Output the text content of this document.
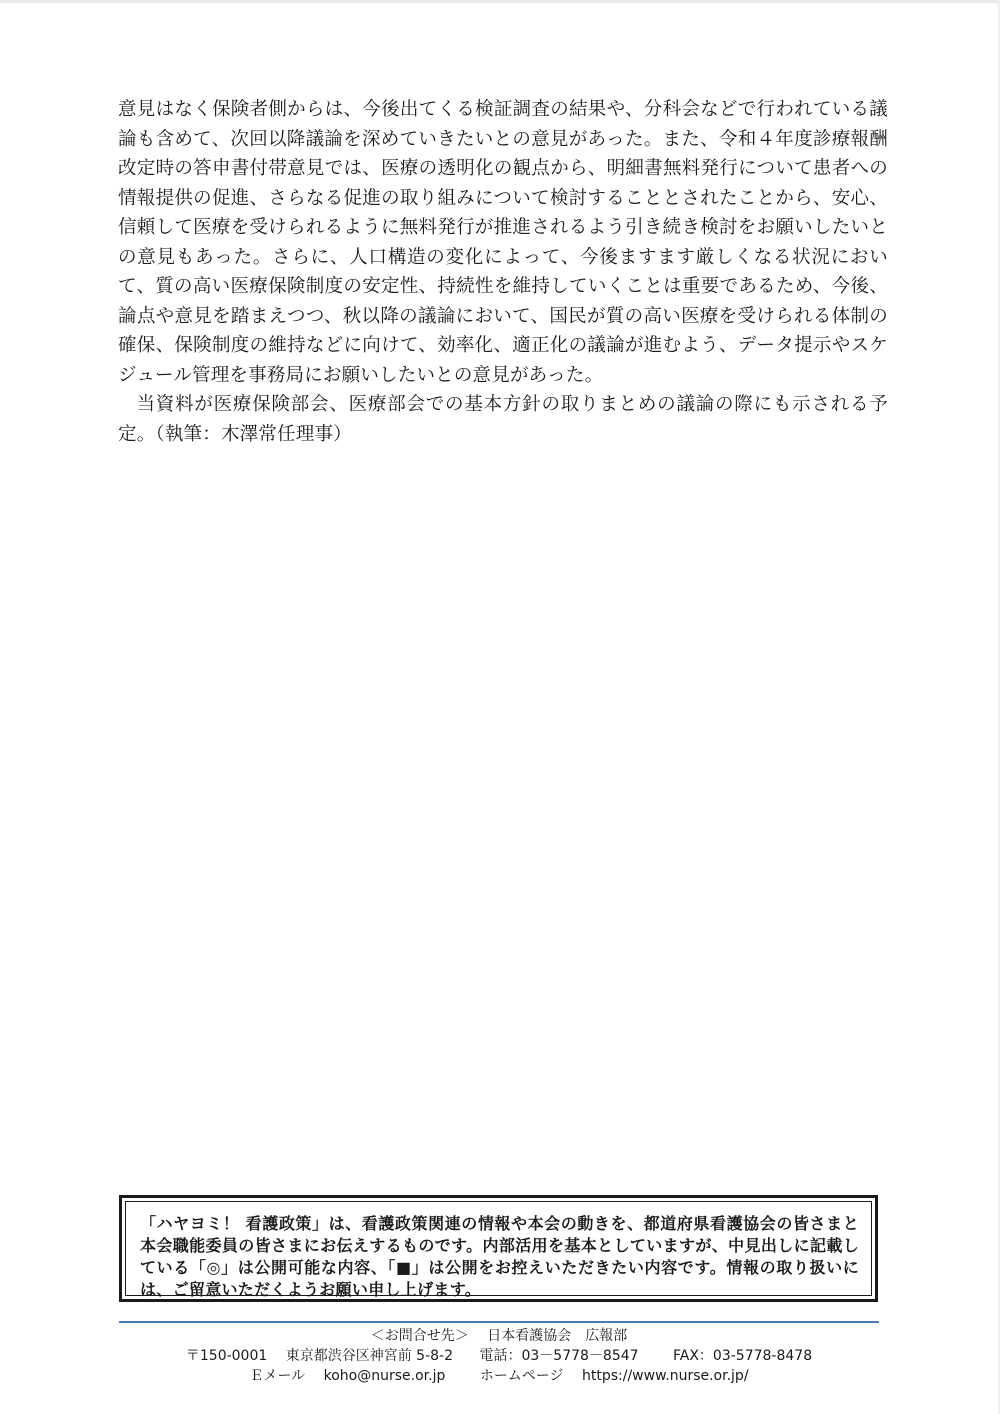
意見はなく保険者側からは、今後出てくる検証調査の結果や、分科会などで行われている議論も含めて、次回以降議論を深めていきたいとの意見があった。また、令和４年度診療報酬改定時の答申書付帯意見では、医療の透明化の観点から、明細書無料発行について患者への情報提供の促進、さらなる促進の取り組みについて検討することとされたことから、安心、信頼して医療を受けられるように無料発行が推進されるよう引き続き検討をお願いしたいとの意見もあった。さらに、人口構造の変化によって、今後ますます厳しくなる状況において、質の高い医療保険制度の安定性、持続性を維持していくことは重要であるため、今後、論点や意見を踏まえつつ、秋以降の議論において、国民が質の高い医療を受けられる体制の確保、保険制度の維持などに向けて、効率化、適正化の議論が進むよう、データ提示やスケジュール管理を事務局にお願いしたいとの意見があった。

当資料が医療保険部会、医療部会での基本方針の取りまとめの議論の際にも示される予定。（執筆：木澤常任理事）

「ハヤヨミ！ 看護政策」は、看護政策関連の情報や本会の動きを、都道府県看護協会の皆さまと本会職能委員の皆さまにお伝えするものです。内部活用を基本としていますが、中見出しに記載している「◎」は公開可能な内容、「■」は公開をお控えいただきたい内容です。情報の取り扱いには、ご留意いただくようお願い申し上げます。
＜お問合せ先＞ 日本看護協会　広報部
〒150-0001 東京都渋谷区神宮前 5-8-2 電話：03－5778－8547 FAX：03-5778-8478
Ｅメール koho@nurse.or.jp ホームページ https://www.nurse.or.jp/
